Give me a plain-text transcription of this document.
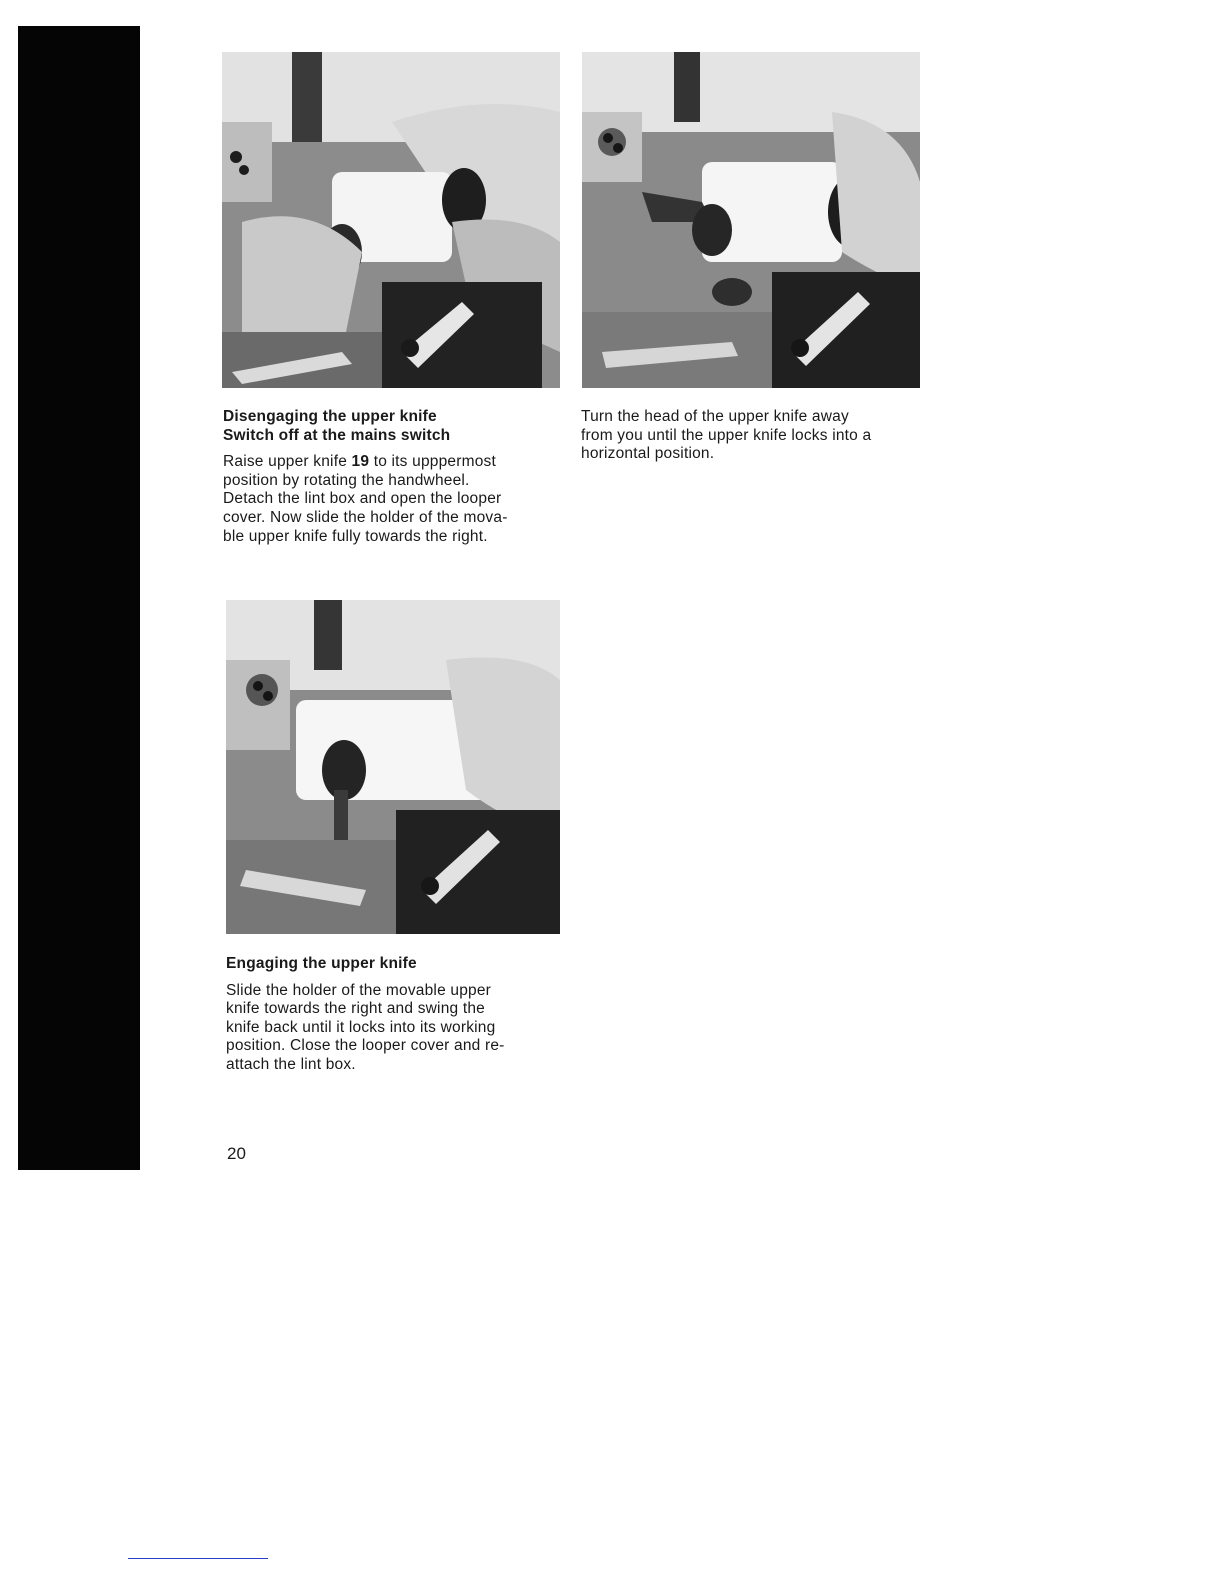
Disengaging the upper knife
Switch off at the mains switch

Raise upper knife 19 to its upppermost
position by rotating the handwheel.
Detach the lint box and open the looper
cover. Now slide the holder of the mova-
ble upper knife fully towards the right.

Turn the head of the upper knife away
from you until the upper knife locks into a
horizontal position.

Engaging the upper knife

Slide the holder of the movable upper
knife towards the right and swing the
knife back until it locks into its working
position. Close the looper cover and re-
attach the lint box.

20
